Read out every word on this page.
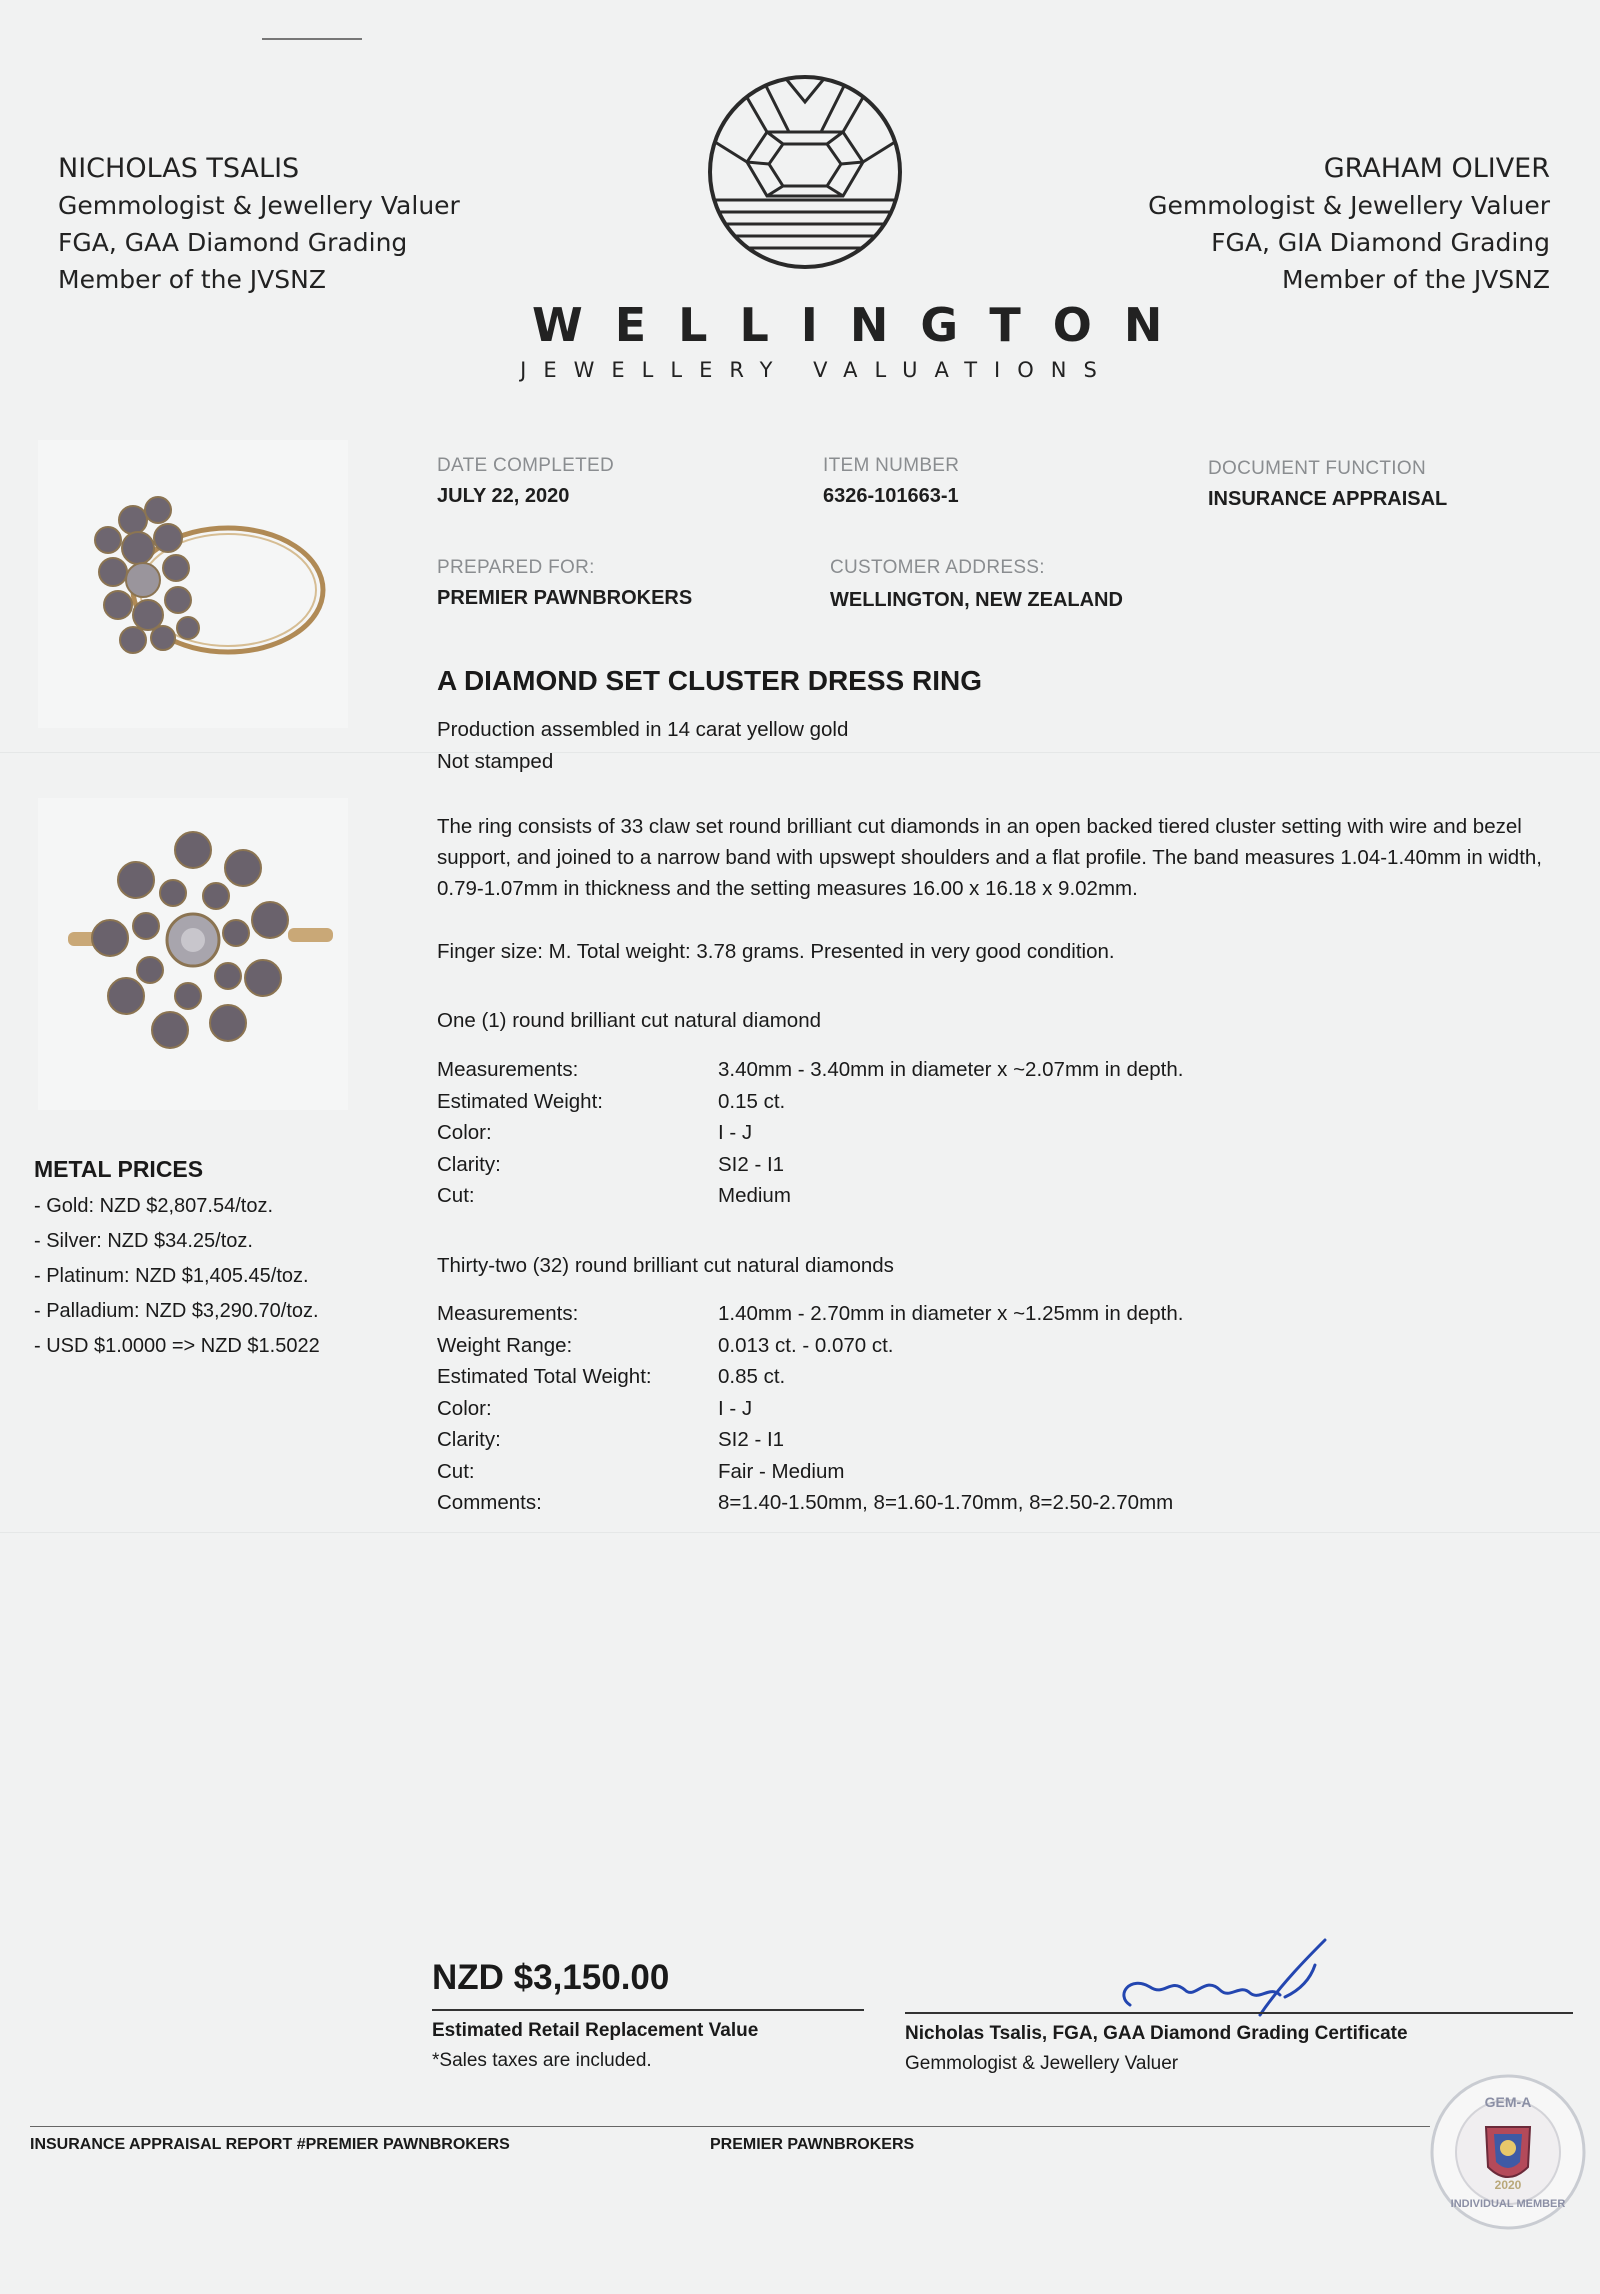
NICHOLAS TSALIS
Gemmologist & Jewellery Valuer
FGA, GAA Diamond Grading
Member of the JVSNZ
GRAHAM OLIVER
Gemmologist & Jewellery Valuer
FGA, GIA Diamond Grading
Member of the JVSNZ
WELLINGTON
JEWELLERY VALUATIONS
METAL PRICES
- Gold: NZD $2,807.54/toz.
- Silver: NZD $34.25/toz.
- Platinum: NZD $1,405.45/toz.
- Palladium: NZD $3,290.70/toz.
- USD $1.0000 => NZD $1.5022
DATE COMPLETED
JULY 22, 2020
ITEM NUMBER
6326-101663-1
DOCUMENT FUNCTION
INSURANCE APPRAISAL
PREPARED FOR:
PREMIER PAWNBROKERS
CUSTOMER ADDRESS:
WELLINGTON, NEW ZEALAND
A DIAMOND SET CLUSTER DRESS RING
Production assembled in 14 carat yellow gold
Not stamped
The ring consists of 33 claw set round brilliant cut diamonds in an open backed tiered cluster setting with wire and bezel support, and joined to a narrow band with upswept shoulders and a flat profile. The band measures 1.04-1.40mm in width, 0.79-1.07mm in thickness and the setting measures 16.00 x 16.18 x 9.02mm.
Finger size: M. Total weight: 3.78 grams. Presented in very good condition.
One (1) round brilliant cut natural diamond
Measurements:	3.40mm - 3.40mm in diameter x ~2.07mm in depth.
Estimated Weight:	0.15 ct.
Color:	I - J
Clarity:	SI2 - I1
Cut:	Medium
Thirty-two (32) round brilliant cut natural diamonds
Measurements:	1.40mm - 2.70mm in diameter x ~1.25mm in depth.
Weight Range:	0.013 ct. - 0.070 ct.
Estimated Total Weight:	0.85 ct.
Color:	I - J
Clarity:	SI2 - I1
Cut:	Fair - Medium
Comments:	8=1.40-1.50mm, 8=1.60-1.70mm, 8=2.50-2.70mm
NZD $3,150.00
Estimated Retail Replacement Value
*Sales taxes are included.
Nicholas Tsalis, FGA, GAA Diamond Grading Certificate
Gemmologist & Jewellery Valuer
INSURANCE APPRAISAL REPORT #PREMIER PAWNBROKERS	PREMIER PAWNBROKERS
GEM-A
2020
INDIVIDUAL MEMBER
